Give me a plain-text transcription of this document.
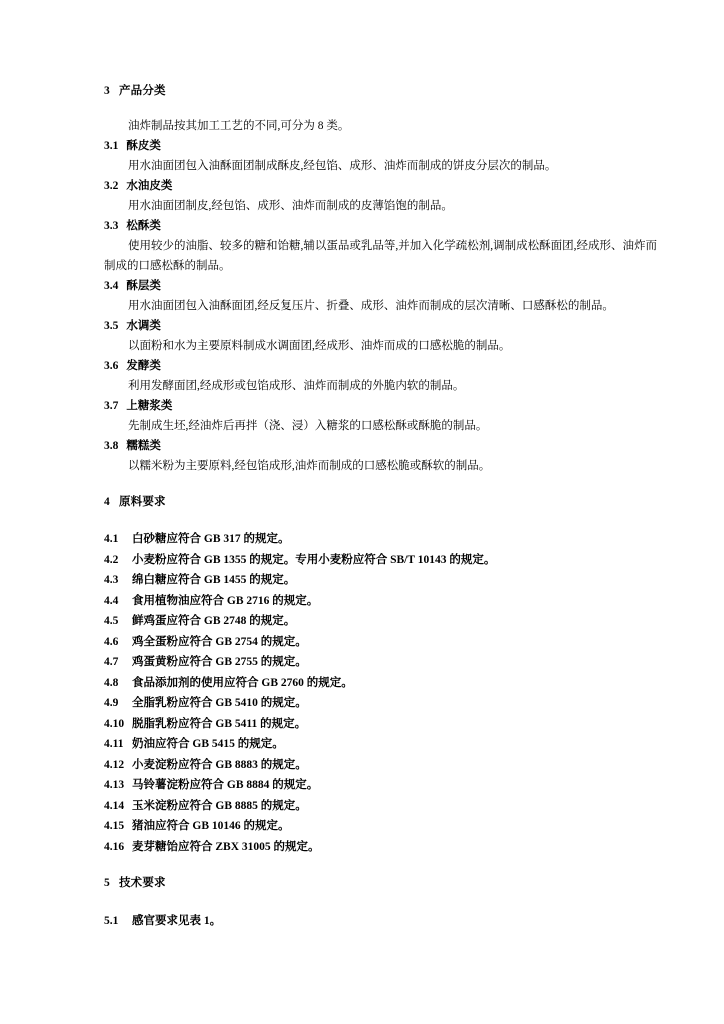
3 产品分类

油炸制品按其加工工艺的不同,可分为 8 类。

3.1 酥皮类

用水油面团包入油酥面团制成酥皮,经包馅、成形、油炸而制成的饼皮分层次的制品。

3.2 水油皮类

用水油面团制皮,经包馅、成形、油炸而制成的皮薄馅饱的制品。

3.3 松酥类

使用较少的油脂、较多的糖和饴糖,辅以蛋品或乳品等,并加入化学疏松剂,调制成松酥面团,经成形、油炸而制成的口感松酥的制品。

3.4 酥层类

用水油面团包入油酥面团,经反复压片、折叠、成形、油炸而制成的层次清晰、口感酥松的制品。

3.5 水调类

以面粉和水为主要原料制成水调面团,经成形、油炸而成的口感松脆的制品。

3.6 发酵类

利用发酵面团,经成形或包馅成形、油炸而制成的外脆内软的制品。

3.7 上糖浆类

先制成生坯,经油炸后再拌（浇、浸）入糖浆的口感松酥或酥脆的制品。

3.8 糯糕类

以糯米粉为主要原料,经包馅成形,油炸而制成的口感松脆或酥软的制品。

4 原料要求

4.1 白砂糖应符合 GB 317 的规定。

4.2 小麦粉应符合 GB 1355 的规定。专用小麦粉应符合 SB/T 10143 的规定。

4.3 绵白糖应符合 GB 1455 的规定。

4.4 食用植物油应符合 GB 2716 的规定。

4.5 鲜鸡蛋应符合 GB 2748 的规定。

4.6 鸡全蛋粉应符合 GB 2754 的规定。

4.7 鸡蛋黄粉应符合 GB 2755 的规定。

4.8 食品添加剂的使用应符合 GB 2760 的规定。

4.9 全脂乳粉应符合 GB 5410 的规定。

4.10 脱脂乳粉应符合 GB 5411 的规定。

4.11 奶油应符合 GB 5415 的规定。

4.12 小麦淀粉应符合 GB 8883 的规定。

4.13 马铃薯淀粉应符合 GB 8884 的规定。

4.14 玉米淀粉应符合 GB 8885 的规定。

4.15 猪油应符合 GB 10146 的规定。

4.16 麦芽糖饴应符合 ZBX 31005 的规定。

5 技术要求

5.1 感官要求见表 1。
